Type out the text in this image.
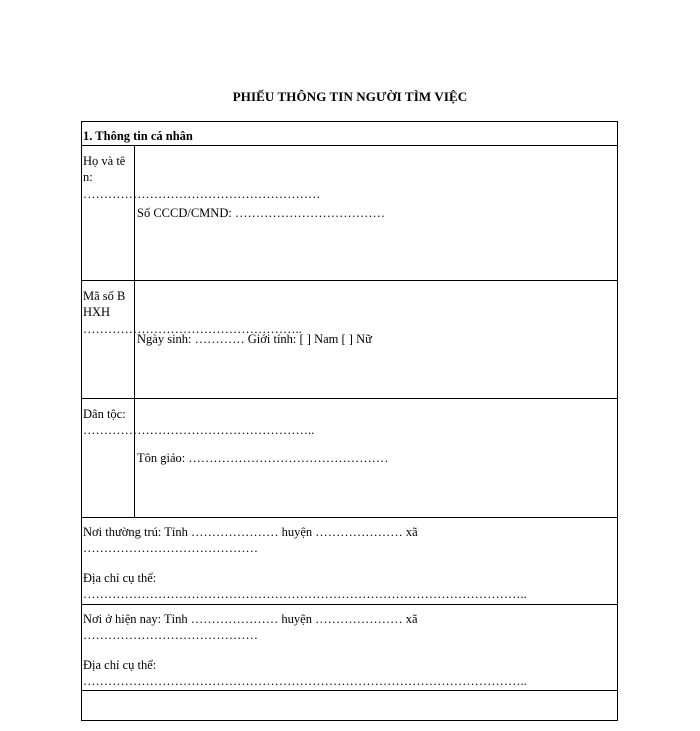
PHIẾU THÔNG TIN NGƯỜI TÌM VIỆC
1. Thông tin cá nhân
Họ và tên:
…………………………………………………
Số CCCD/CMND: ………………………………
Mã số BHXH
……………………………………………..
Ngày sinh: ………… Giới tính: [ ] Nam [ ] Nữ
Dân tộc:
………………………………………………..
Tôn giáo: …………………………………………
Nơi thường trú: Tỉnh ………………… huyện ………………… xã
……………………………………
Địa chỉ cụ thể:
……………………………………………………………………………………………..
Nơi ở hiện nay: Tỉnh ………………… huyện ………………… xã
……………………………………
Địa chỉ cụ thể:
……………………………………………………………………………………………..
